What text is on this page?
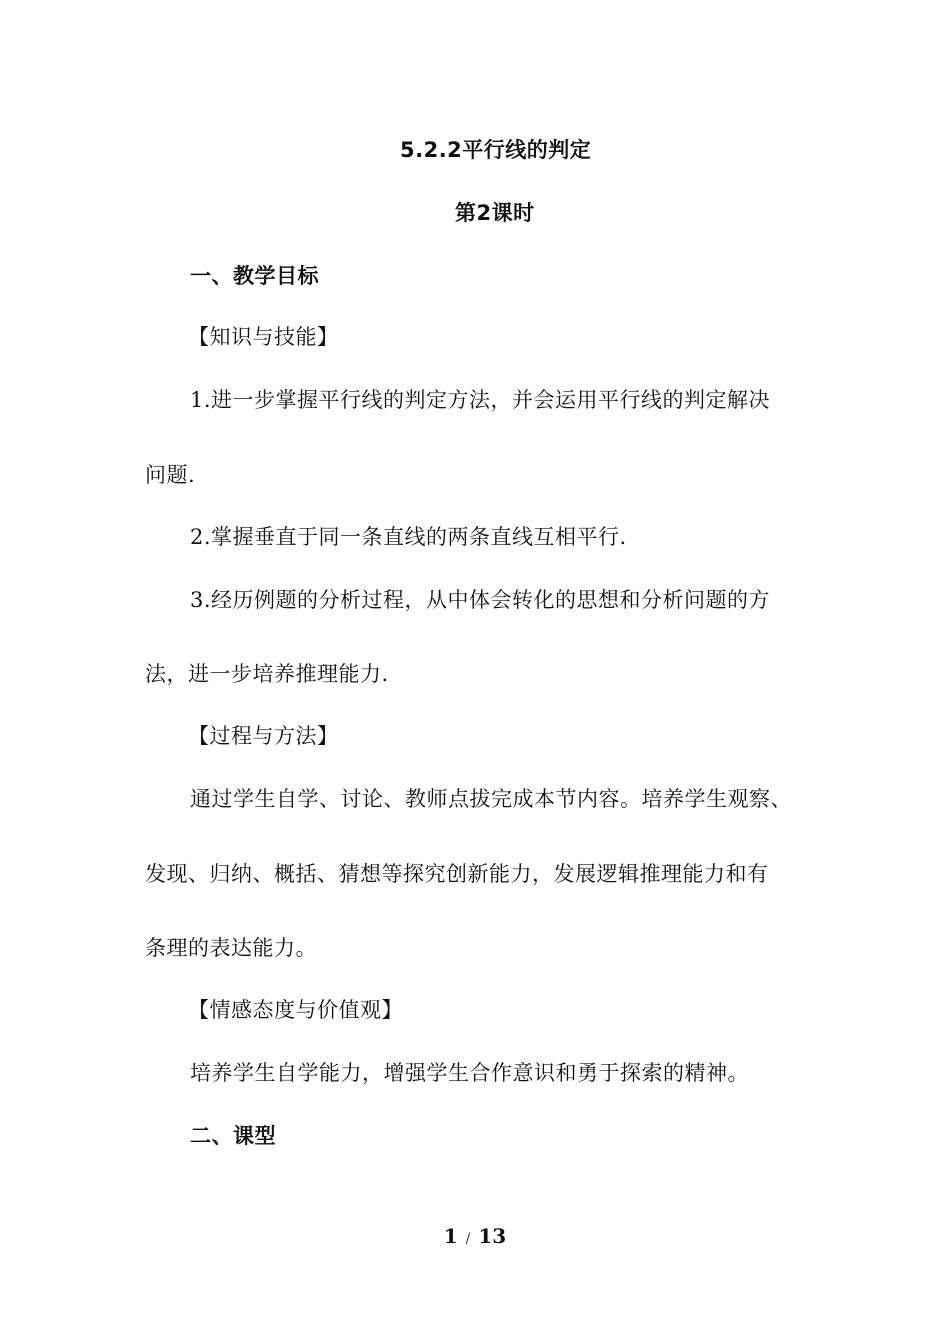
5.2.2平行线的判定
第2课时
一、教学目标
【知识与技能】
1.进一步掌握平行线的判定方法，并会运用平行线的判定解决
问题.
2.掌握垂直于同一条直线的两条直线互相平行.
3.经历例题的分析过程，从中体会转化的思想和分析问题的方
法，进一步培养推理能力.
【过程与方法】
通过学生自学、讨论、教师点拔完成本节内容。培养学生观察、
发现、归纳、概括、猜想等探究创新能力，发展逻辑推理能力和有
条理的表达能力。
【情感态度与价值观】
培养学生自学能力，增强学生合作意识和勇于探索的精神。
二、课型
1 / 13
